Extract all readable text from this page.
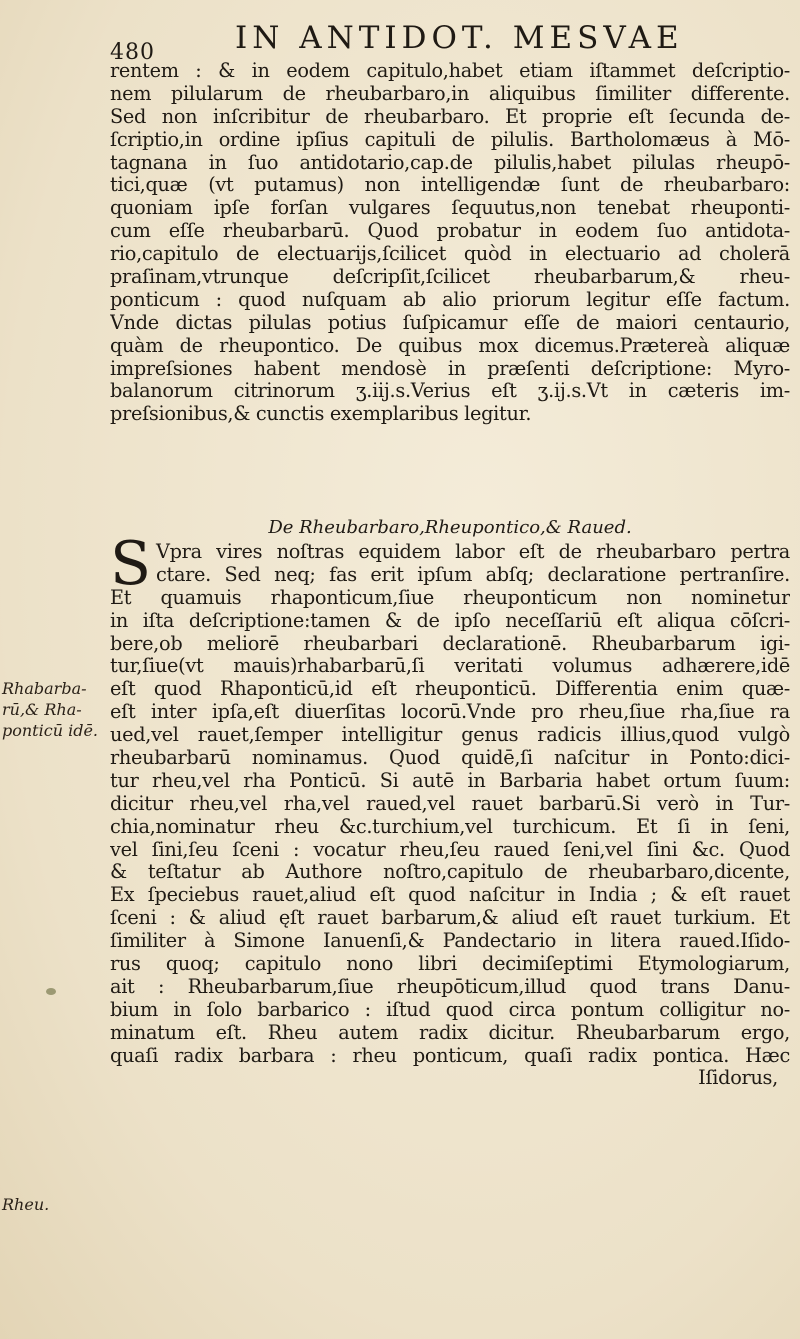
480	IN ANTIDOT. MESVAE
rentem : & in eodem capitulo,habet etiam iſtammet deſcriptio-
nem pilularum de rheubarbaro,in aliquibus ſimiliter differente.
Sed non inſcribitur de rheubarbaro. Et proprie eſt ſecunda de-
ſcriptio,in ordine ipſius capituli de pilulis. Bartholomæus à Mō-
tagnana in ſuo antidotario,cap.de pilulis,habet pilulas rheupō-
tici,quæ (vt putamus) non intelligendæ ſunt de rheubarbaro:
quoniam ipſe forſan vulgares ſequutus,non tenebat rheuponti-
cum eſſe rheubarbarū. Quod probatur in eodem ſuo antidota-
rio,capitulo de electuarijs,ſcilicet quòd in electuario ad cholerā
praſinam,vtrunque deſcripſit,ſcilicet rheubarbarum,& rheu-
ponticum : quod nuſquam ab alio priorum legitur eſſe factum.
Vnde dictas pilulas potius ſuſpicamur eſſe de maiori centaurio,
quàm de rheupontico. De quibus mox dicemus.Prætereà aliquæ
impreſsiones habent mendosè in præſenti deſcriptione: Myro-
balanorum citrinorum ʒ.iij.s.Verius eſt ʒ.ij.s.Vt in cæteris im-
preſsionibus,& cunctis exemplaribus legitur.
De Rheubarbaro,Rheupontico,& Raued.
S Vpra vires noſtras equidem labor eſt de rheubarbaro pertra
ctare. Sed neq; fas erit ipſum abſq; declaratione pertranſire.
Et quamuis rhaponticum,ſiue rheuponticum non nominetur
in iſta deſcriptione:tamen & de ipſo neceſſariū eſt aliqua cōſcri-
bere,ob meliorē rheubarbari declarationē. Rheubarbarum igi-
tur,ſiue(vt mauis)rhabarbarū,ſi veritati volumus adhærere,idē
eſt quod Rhaponticū,id eſt rheuponticū. Differentia enim quæ-
eſt inter ipſa,eſt diuerſitas locorū.Vnde pro rheu,ſiue rha,ſiue ra
ued,vel rauet,ſemper intelligitur genus radicis illius,quod vulgò
rheubarbarū nominamus. Quod quidē,ſi naſcitur in Ponto:dici-
tur rheu,vel rha Ponticū. Si autē in Barbaria habet ortum ſuum:
dicitur rheu,vel rha,vel raued,vel rauet barbarū.Si verò in Tur-
chia,nominatur rheu &c.turchium,vel turchicum. Et ſi in ſeni,
vel ſini,ſeu ſceni : vocatur rheu,ſeu raued ſeni,vel ſini &c. Quod
& teſtatur ab Authore noſtro,capitulo de rheubarbaro,dicente,
Ex ſpeciebus rauet,aliud eſt quod naſcitur in India ; & eſt rauet
ſceni : & aliud ęſt rauet barbarum,& aliud eſt rauet turkium. Et
ſimiliter à Simone Ianuenſi,& Pandectario in litera raued.Iſido-
rus quoq; capitulo nono libri decimiſeptimi Etymologiarum,
ait : Rheubarbarum,ſiue rheupōticum,illud quod trans Danu-
bium in ſolo barbarico : iſtud quod circa pontum colligitur no-
minatum eſt. Rheu autem radix dicitur. Rheubarbarum ergo,
quaſi radix barbara : rheu ponticum, quaſi radix pontica. Hæc
Iſidorus,
Rhabarba-
rū,& Rha-
ponticū idē.
Rheu.
